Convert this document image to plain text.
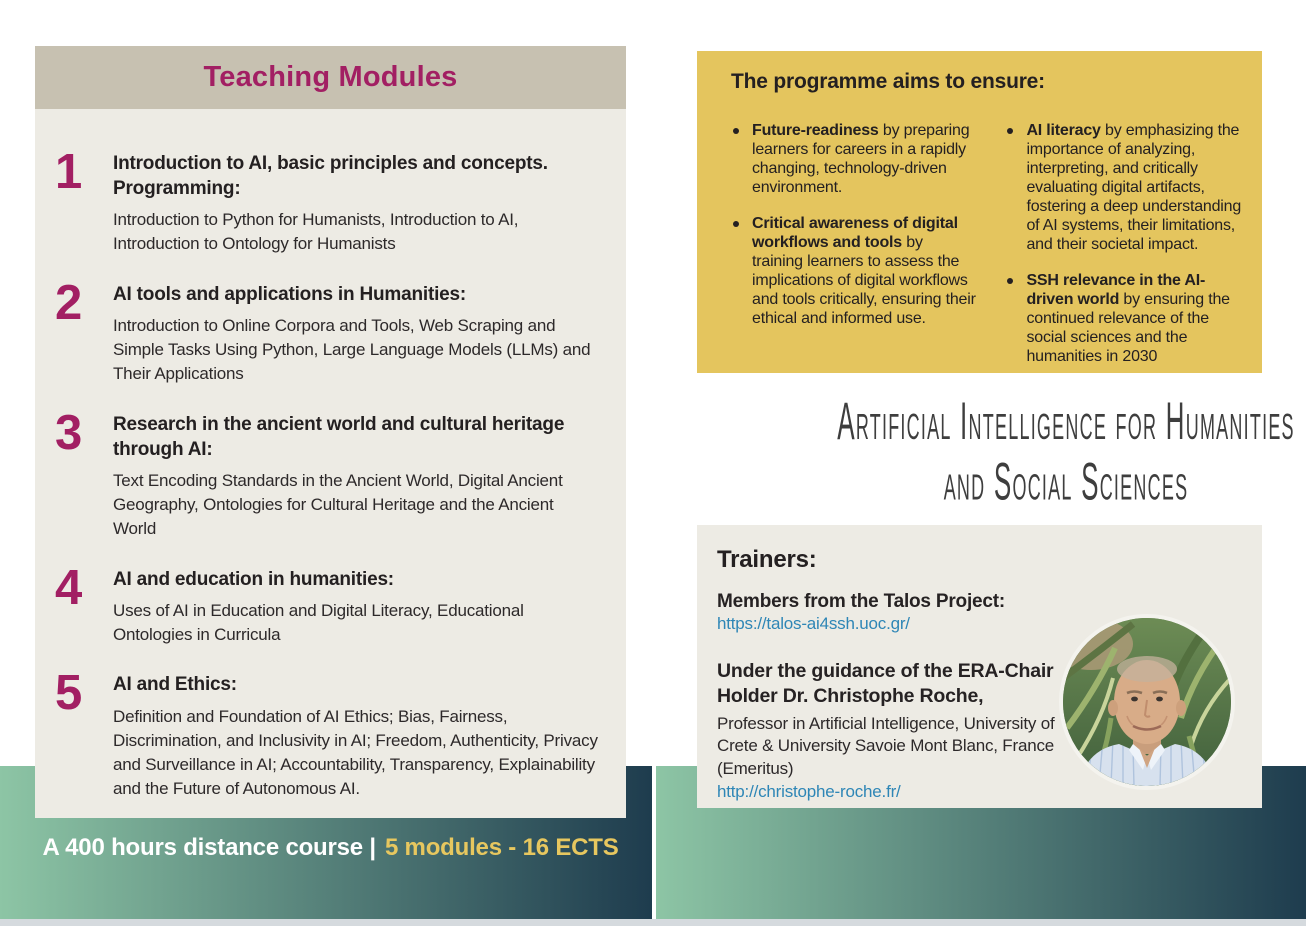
Teaching Modules
1	Introduction to AI, basic principles and concepts. Programming:
Introduction to Python for Humanists, Introduction to AI, Introduction to Ontology for Humanists
2	AI tools and applications in Humanities:
Introduction to Online Corpora and Tools, Web Scraping and Simple Tasks Using Python, Large Language Models (LLMs) and Their Applications
3	Research in the ancient world and cultural heritage through AI:
Text Encoding Standards in the Ancient World, Digital Ancient Geography, Ontologies for Cultural Heritage and the Ancient World
4	AI and education in humanities:
Uses of AI in Education and Digital Literacy, Educational Ontologies in Curricula
5	AI and Ethics:
Definition and Foundation of AI Ethics; Bias, Fairness, Discrimination, and Inclusivity in AI; Freedom, Authenticity, Privacy and Surveillance in AI; Accountability, Transparency, Explainability and the Future of Autonomous AI.
A 400 hours distance course | 5 modules - 16 ECTS
The programme aims to ensure:

Future-readiness by preparing learners for careers in a rapidly changing, technology-driven environment.

Critical awareness of digital workflows and tools by training learners to assess the implications of digital workflows and tools critically, ensuring their ethical and informed use.

AI literacy by emphasizing the importance of analyzing, interpreting, and critically evaluating digital artifacts, fostering a deep understanding of AI systems, their limitations, and their societal impact.

SSH relevance in the AI-driven world by ensuring the continued relevance of the social sciences and the humanities in 2030

Artificial Intelligence for Humanities
and Social Sciences
Trainers:
Members from the Talos Project:
https://talos-ai4ssh.uoc.gr/
Under the guidance of the ERA-Chair Holder Dr. Christophe Roche,
Professor in Artificial Intelligence, University of Crete & University Savoie Mont Blanc, France (Emeritus)
http://christophe-roche.fr/
